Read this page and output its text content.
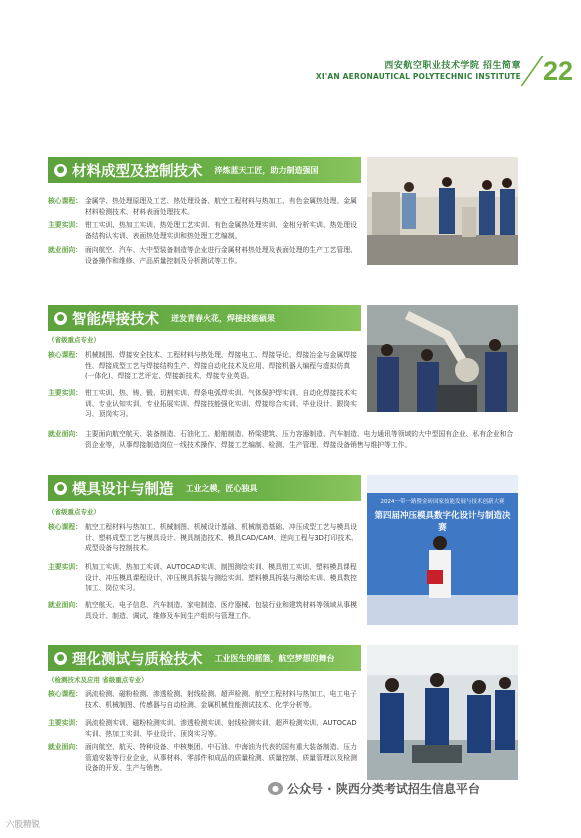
西安航空职业技术学院 招生简章
XI'AN AERONAUTICAL POLYTECHNIC INSTITUTE 22
● 材料成型及控制技术 淬炼蓝天工匠，助力制造强国
核心课程： 金属学、热处理原理及工艺、热处理设备、航空工程材料与热加工、有色金属热处理、金属材料检测技术、材料表面处理技术。
主要实训： 钳工实训、热加工实训、热处理工艺实训、有色金属热处理实训、金相分析实训、热处理设备结构认实训、表面热处理实训和热处理工艺编制。
就业面向： 面向航空、汽车、大中型装备制造等企业进行金属材料热处理及表面处理的生产工艺管理、设备操作和维修、产品质量控制及分析测试等工作。
● 智能焊接技术 迸发青春火花，焊接技能硕果
（省级重点专业）
核心课程： 机械制图、焊接安全技术、工程材料与热处理、焊接电工、焊接导论、焊接冶金与金属焊接性、焊接成型工艺与焊接结构生产、焊接自动化技术及应用、焊接机器人编程与虚拟仿真(一体化)、焊接工艺评定、焊接新技术、焊接专业英语。
主要实训： 钳工实训、热、铸、锻、切割实训、焊条电弧焊实训、气体保护焊实训、自动化焊接技术实训、专业认知实训、专业拓展实训、焊接技能强化实训、焊接综合实训、毕业设计、跟岗实习、顶岗实习。
就业面向： 主要面向航空航天、装备制造、石油化工、船舶制造、桥梁建筑、压力容器制造、汽车制造、电力通讯等领域的大中型国有企业、私有企业和合资企业等，从事焊接制造岗位一线技术操作、焊接工艺编制、检测、生产管理、焊接设备销售与维护等工作。
● 模具设计与制造 工业之模，匠心独具
2024一带一路暨金砖国家技能发展与技术创新大赛
第四届冲压模具数字化设计与制造决赛
（省级重点专业）
核心课程： 航空工程材料与热加工、机械制图、机械设计基础、机械制造基础、冲压成型工艺与模具设计、塑料成型工艺与模具设计、模具制造技术、模具CAD/CAM、逆向工程与3D打印技术、成型设备与控制技术。
主要实训： 机加工实训、热加工实训、AUTOCAD实训、制图测绘实训、模具钳工实训、塑料模具课程设计、冲压模具课程设计、冲压模具拆装与测绘实训、塑料模具拆装与测绘实训、模具数控加工、岗位实习。
就业面向： 航空航天、电子信息、汽车制造、家电制造、医疗器械、包装行业和建筑材料等领域从事模具设计、制造、调试、维修及车间生产组织与管理工作。
● 理化测试与质检技术 工业医生的摇篮，航空梦想的舞台
（检测技术及应用 省级重点专业）
核心课程： 涡流检测、磁粉检测、渗透检测、射线检测、超声检测、航空工程材料与热加工、电工电子技术、机械制图、传感器与自动检测、金属机械性能测试技术、化学分析等。
主要实训： 涡流检测实训、磁粉检测实训、渗透检测实训、射线检测实训、超声检测实训、AUTOCAD实训、热加工实训、毕业设计、顶岗实习等。
就业面向： 面向航空、航天、特种设备、中核集团、中石油、中海油为代表的国有重大装备制造、压力管道安装等行业企业，从事材料、零部件和成品的质量检测、质量控制、质量管理以及检测设备的开发、生产与销售。
● 公众号 · 陕西分类考试招生信息平台
六股精锐
